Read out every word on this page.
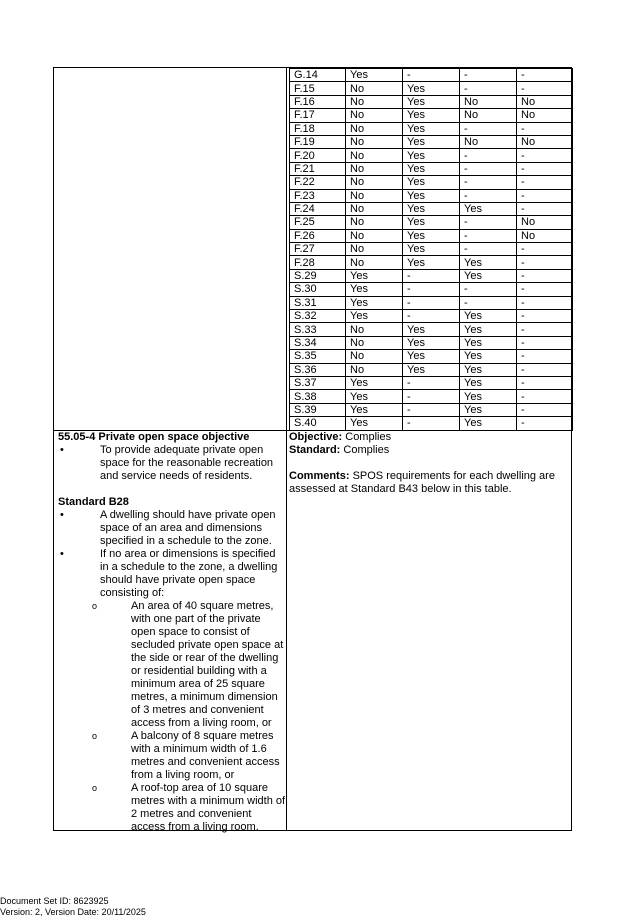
G.14	Yes	-	-	-
F.15	No	Yes	-	-
F.16	No	Yes	No	No
F.17	No	Yes	No	No
F.18	No	Yes	-	-
F.19	No	Yes	No	No
F.20	No	Yes	-	-
F.21	No	Yes	-	-
F.22	No	Yes	-	-
F.23	No	Yes	-	-
F.24	No	Yes	Yes	-
F.25	No	Yes	-	No
F.26	No	Yes	-	No
F.27	No	Yes	-	-
F.28	No	Yes	Yes	-
S.29	Yes	-	Yes	-
S.30	Yes	-	-	-
S.31	Yes	-	-	-
S.32	Yes	-	Yes	-
S.33	No	Yes	Yes	-
S.34	No	Yes	Yes	-
S.35	No	Yes	Yes	-
S.36	No	Yes	Yes	-
S.37	Yes	-	Yes	-
S.38	Yes	-	Yes	-
S.39	Yes	-	Yes	-
S.40	Yes	-	Yes	-
Objective: Complies
Standard: Complies
Comments: SPOS requirements for each dwelling are assessed at Standard B43 below in this table.
55.05-4 Private open space objective
•	To provide adequate private open space for the reasonable recreation and service needs of residents.
Standard B28
•	A dwelling should have private open space of an area and dimensions specified in a schedule to the zone.
•	If no area or dimensions is specified in a schedule to the zone, a dwelling should have private open space consisting of:
o	An area of 40 square metres, with one part of the private open space to consist of secluded private open space at the side or rear of the dwelling or residential building with a minimum area of 25 square metres, a minimum dimension of 3 metres and convenient access from a living room, or
o	A balcony of 8 square metres with a minimum width of 1.6 metres and convenient access from a living room, or
o	A roof-top area of 10 square metres with a minimum width of 2 metres and convenient access from a living room.
Document Set ID: 8623925
Version: 2, Version Date: 20/11/2025
